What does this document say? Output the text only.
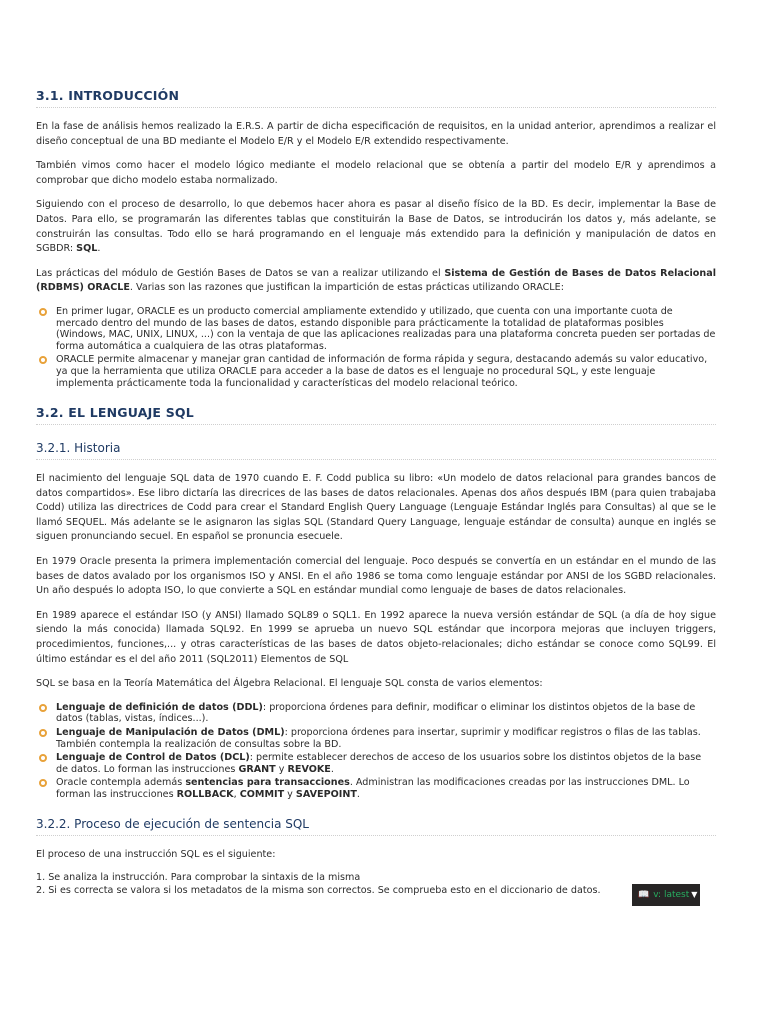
3.1. INTRODUCCIÓN

En la fase de análisis hemos realizado la E.R.S. A partir de dicha especificación de requisitos, en la unidad anterior, aprendimos a realizar el diseño conceptual de una BD mediante el Modelo E/R y el Modelo E/R extendido respectivamente.

También vimos como hacer el modelo lógico mediante el modelo relacional que se obtenía a partir del modelo E/R y aprendimos a comprobar que dicho modelo estaba normalizado.

Siguiendo con el proceso de desarrollo, lo que debemos hacer ahora es pasar al diseño físico de la BD. Es decir, implementar la Base de Datos. Para ello, se programarán las diferentes tablas que constituirán la Base de Datos, se introducirán los datos y, más adelante, se construirán las consultas. Todo ello se hará programando en el lenguaje más extendido para la definición y manipulación de datos en SGBDR: SQL.

Las prácticas del módulo de Gestión Bases de Datos se van a realizar utilizando el Sistema de Gestión de Bases de Datos Relacional (RDBMS) ORACLE. Varias son las razones que justifican la impartición de estas prácticas utilizando ORACLE:

En primer lugar, ORACLE es un producto comercial ampliamente extendido y utilizado, que cuenta con una importante cuota de mercado dentro del mundo de las bases de datos, estando disponible para prácticamente la totalidad de plataformas posibles (Windows, MAC, UNIX, LINUX, ...) con la ventaja de que las aplicaciones realizadas para una plataforma concreta pueden ser portadas de forma automática a cualquiera de las otras plataformas.
ORACLE permite almacenar y manejar gran cantidad de información de forma rápida y segura, destacando además su valor educativo, ya que la herramienta que utiliza ORACLE para acceder a la base de datos es el lenguaje no procedural SQL, y este lenguaje implementa prácticamente toda la funcionalidad y características del modelo relacional teórico.
3.2. EL LENGUAJE SQL
3.2.1. Historia

El nacimiento del lenguaje SQL data de 1970 cuando E. F. Codd publica su libro: «Un modelo de datos relacional para grandes bancos de datos compartidos». Ese libro dictaría las direcrices de las bases de datos relacionales. Apenas dos años después IBM (para quien trabajaba Codd) utiliza las directrices de Codd para crear el Standard English Query Language (Lenguaje Estándar Inglés para Consultas) al que se le llamó SEQUEL. Más adelante se le asignaron las siglas SQL (Standard Query Language, lenguaje estándar de consulta) aunque en inglés se siguen pronunciando secuel. En español se pronuncia esecuele.

En 1979 Oracle presenta la primera implementación comercial del lenguaje. Poco después se convertía en un estándar en el mundo de las bases de datos avalado por los organismos ISO y ANSI. En el año 1986 se toma como lenguaje estándar por ANSI de los SGBD relacionales. Un año después lo adopta ISO, lo que convierte a SQL en estándar mundial como lenguaje de bases de datos relacionales.

En 1989 aparece el estándar ISO (y ANSI) llamado SQL89 o SQL1. En 1992 aparece la nueva versión estándar de SQL (a día de hoy sigue siendo la más conocida) llamada SQL92. En 1999 se aprueba un nuevo SQL estándar que incorpora mejoras que incluyen triggers, procedimientos, funciones,... y otras características de las bases de datos objeto-relacionales; dicho estándar se conoce como SQL99. El último estándar es el del año 2011 (SQL2011) Elementos de SQL

SQL se basa en la Teoría Matemática del Álgebra Relacional. El lenguaje SQL consta de varios elementos:

Lenguaje de definición de datos (DDL): proporciona órdenes para definir, modificar o eliminar los distintos objetos de la base de datos (tablas, vistas, índices...).
Lenguaje de Manipulación de Datos (DML): proporciona órdenes para insertar, suprimir y modificar registros o filas de las tablas. También contempla la realización de consultas sobre la BD.
Lenguaje de Control de Datos (DCL): permite establecer derechos de acceso de los usuarios sobre los distintos objetos de la base de datos. Lo forman las instrucciones GRANT y REVOKE.
Oracle contempla además sentencias para transacciones. Administran las modificaciones creadas por las instrucciones DML. Lo forman las instrucciones ROLLBACK, COMMIT y SAVEPOINT.
3.2.2. Proceso de ejecución de sentencia SQL

El proceso de una instrucción SQL es el siguiente:

1. Se analiza la instrucción. Para comprobar la sintaxis de la misma
2. Si es correcta se valora si los metadatos de la misma son correctos. Se comprueba esto en el diccionario de datos.	📖 v: latest ▼
